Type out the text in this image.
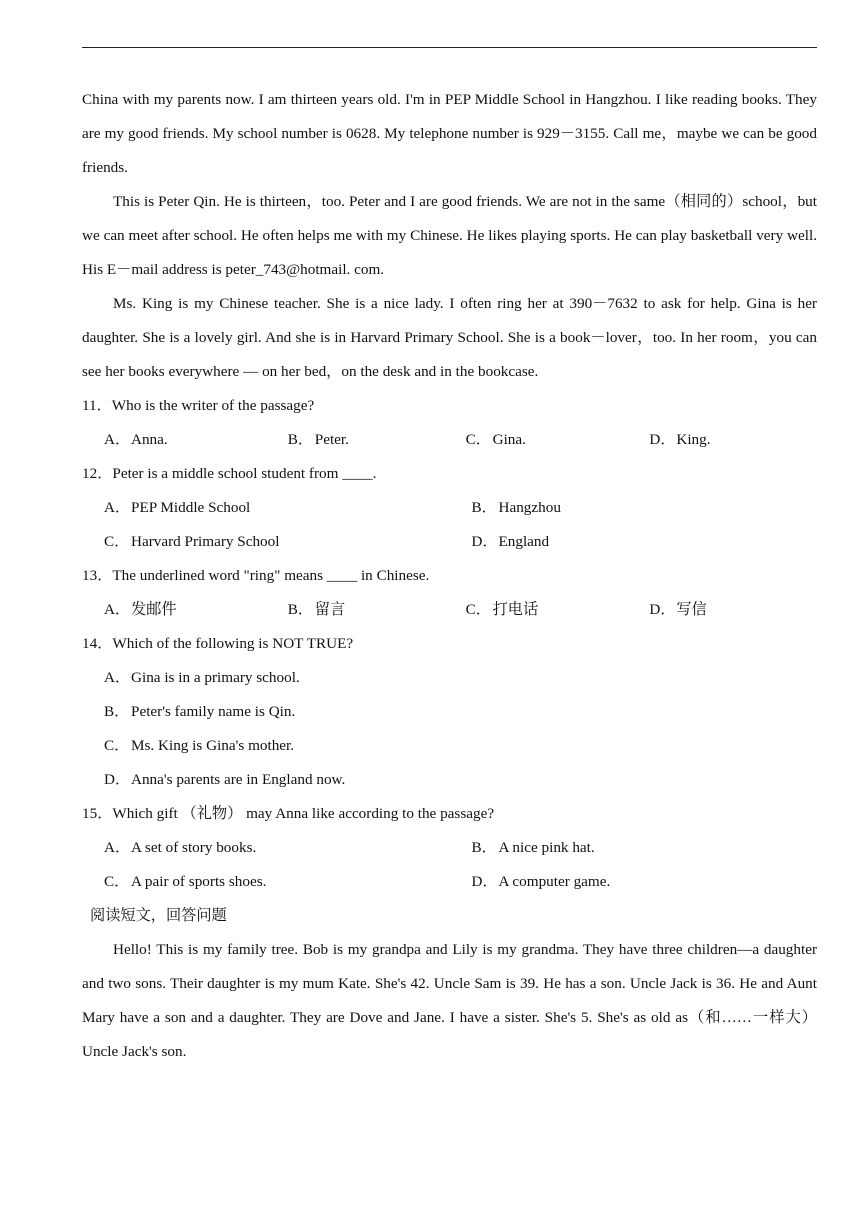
China with my parents now. I am thirteen years old. I'm in PEP Middle School in Hangzhou. I like reading books. They are my good friends. My school number is 0628. My telephone number is 929－3155. Call me，maybe we can be good friends.

This is Peter Qin. He is thirteen，too. Peter and I are good friends. We are not in the same（相同的）school，but we can meet after school. He often helps me with my Chinese. He likes playing sports. He can play basketball very well. His E－mail address is peter_743@hotmail. com.

Ms. King is my Chinese teacher. She is a nice lady. I often ring her at 390－7632 to ask for help. Gina is her daughter. She is a lovely girl. And she is in Harvard Primary School. She is a book－lover，too. In her room，you can see her books everywhere — on her bed，on the desk and in the bookcase.

11．Who is the writer of the passage?

A．Anna.	B． Peter.	C． Gina.	D．King.

12．Peter is a middle school student from ____.

A．PEP Middle School	B． Hangzhou
C． Harvard Primary School	D．England

13．The underlined word "ring" means ____ in Chinese.

A．发邮件	B． 留言	C． 打电话	D．写信

14．Which of the following is NOT TRUE?

A．Gina is in a primary school.
B． Peter's family name is Qin.
C． Ms. King is Gina's mother.
D．Anna's parents are in England now.

15．Which gift （礼物） may Anna like according to the passage?

A．A set of story books.	B． A nice pink hat.
C． A pair of sports shoes.	D．A computer game.

阅读短文，回答问题

Hello! This is my family tree. Bob is my grandpa and Lily is my grandma. They have three children—a daughter and two sons. Their daughter is my mum Kate. She's 42. Uncle Sam is 39. He has a son. Uncle Jack is 36. He and Aunt Mary have a son and a daughter. They are Dove and Jane. I have a sister. She's 5. She's as old as（和……一样大） Uncle Jack's son.
